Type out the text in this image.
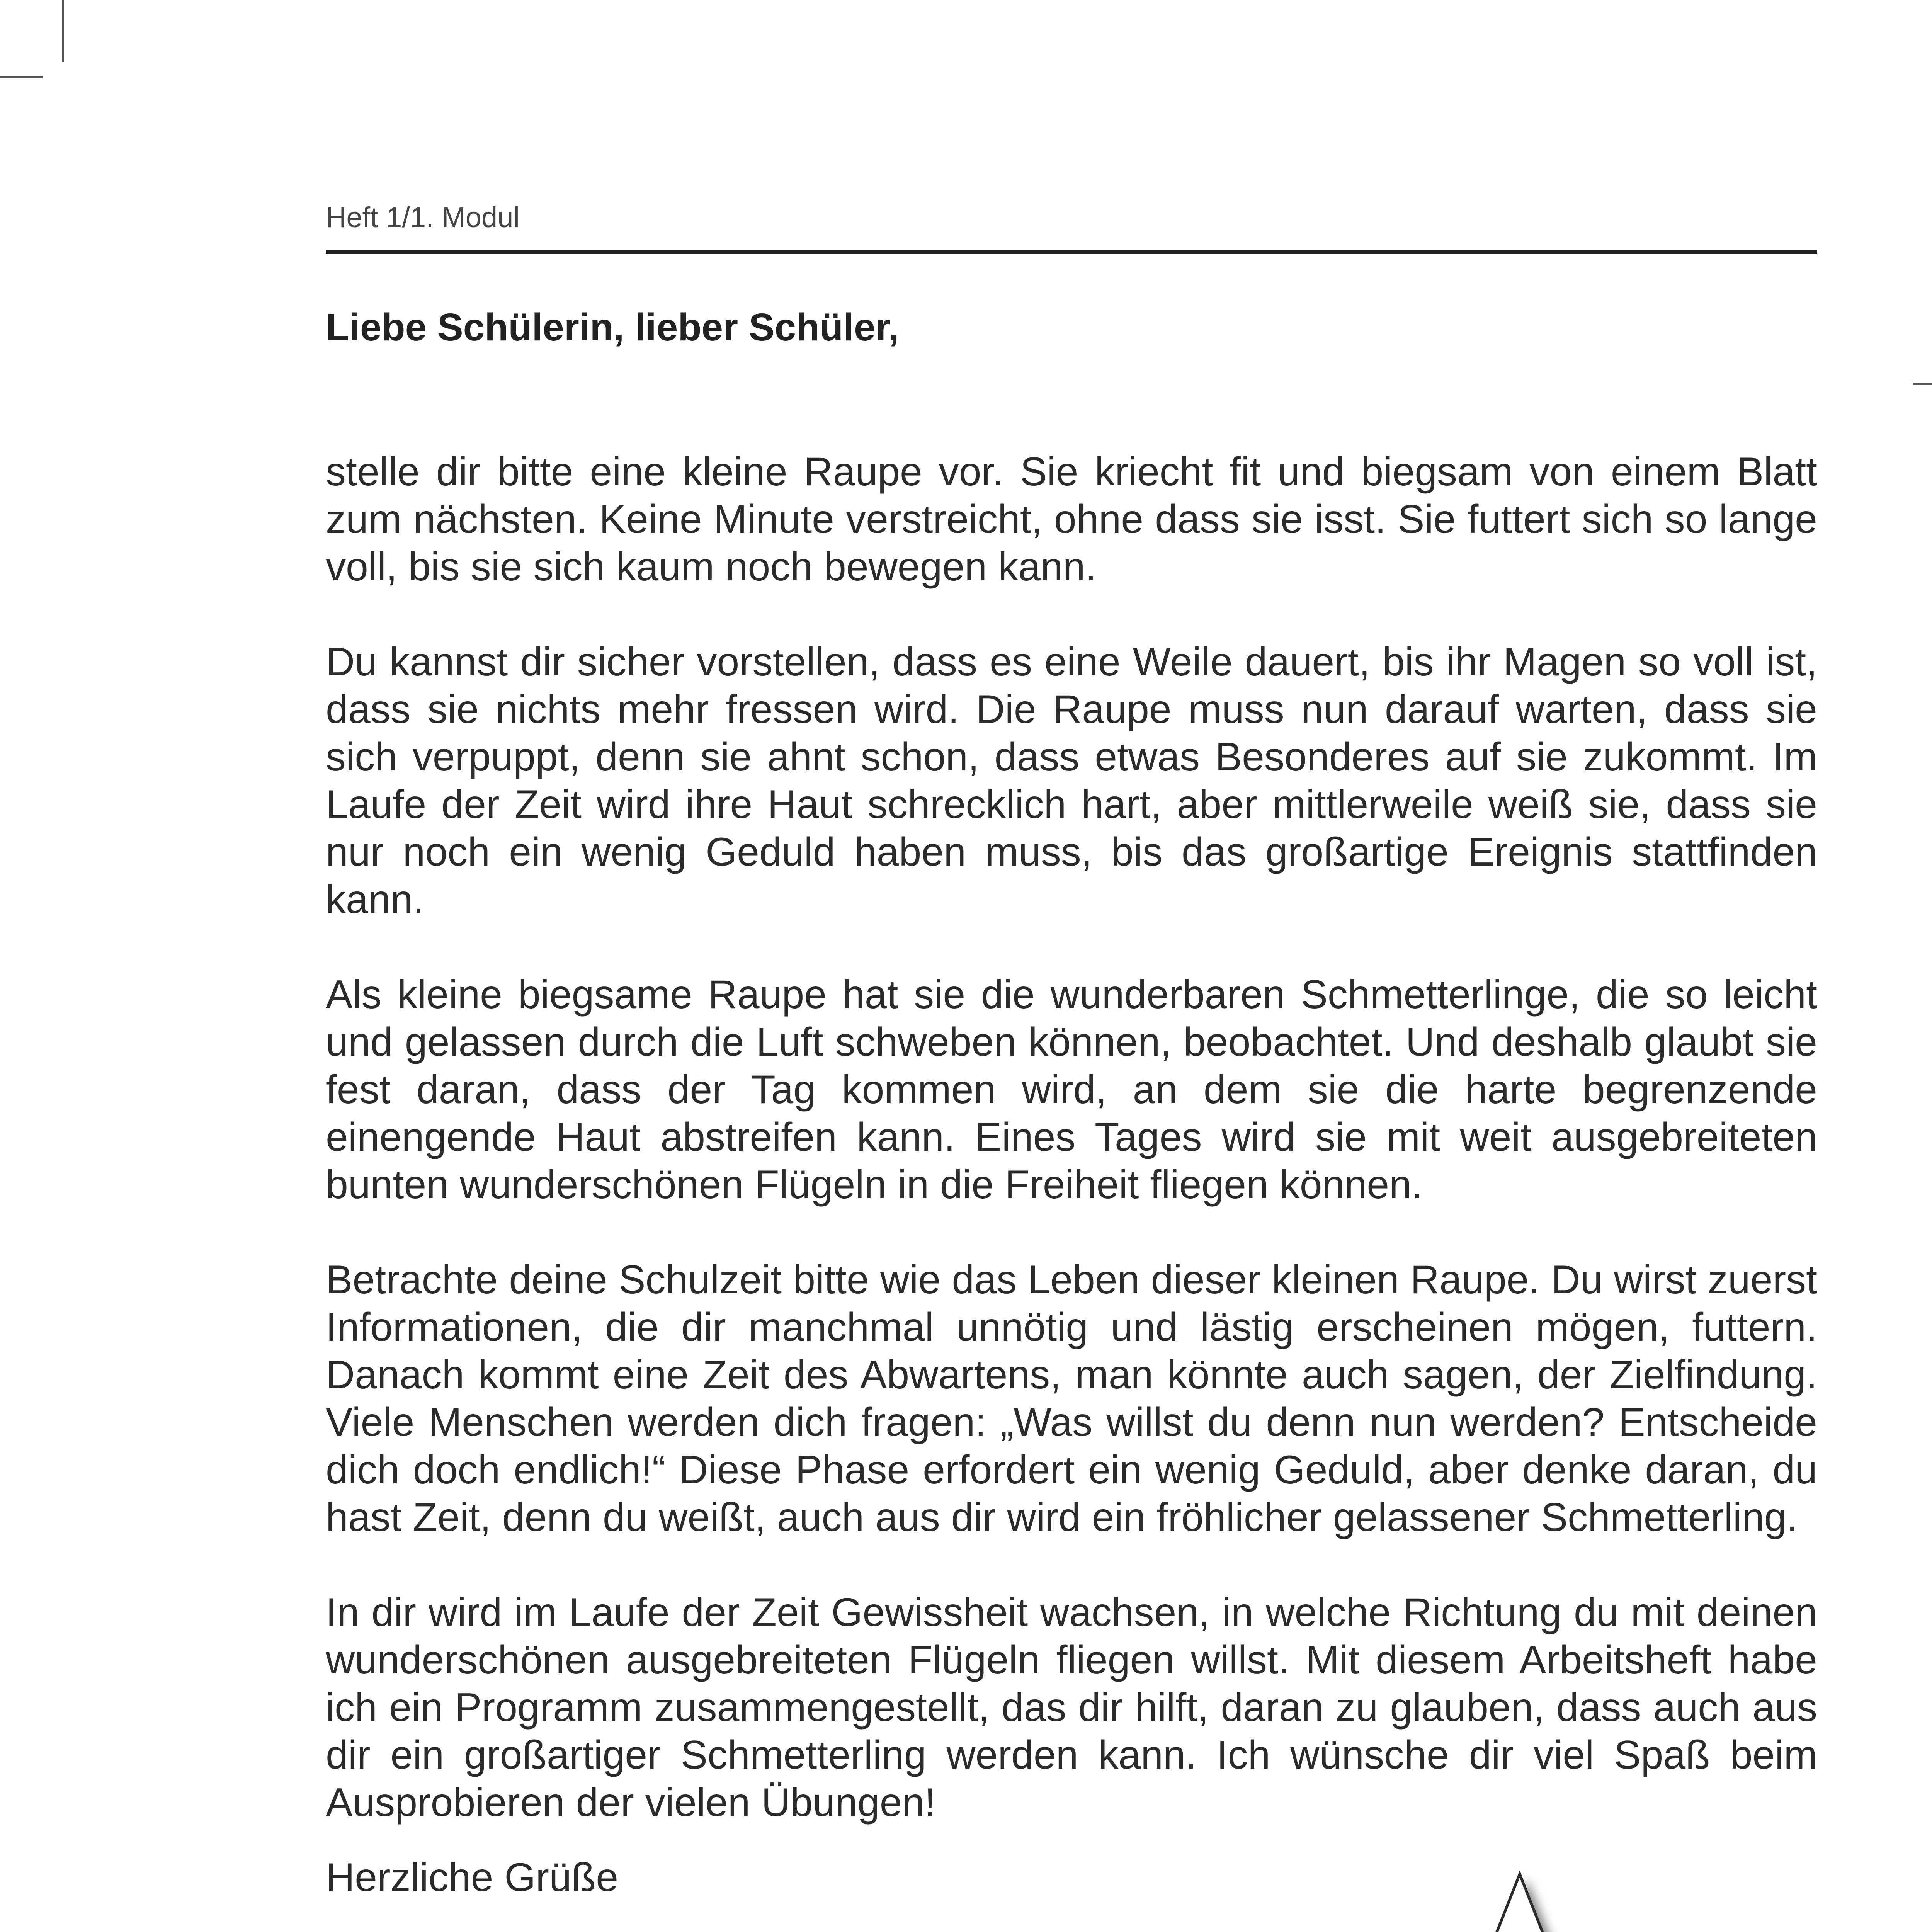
Heft 1/1. Modul
Liebe Schülerin, lieber Schüler,

stelle dir bitte eine kleine Raupe vor. Sie kriecht fit und biegsam von einem Blatt zum nächsten. Keine Minute verstreicht, ohne dass sie isst. Sie futtert sich so lange voll, bis sie sich kaum noch bewegen kann.

Du kannst dir sicher vorstellen, dass es eine Weile dauert, bis ihr Magen so voll ist, dass sie nichts mehr fressen wird. Die Raupe muss nun darauf warten, dass sie sich verpuppt, denn sie ahnt schon, dass etwas Besonderes auf sie zukommt. Im Laufe der Zeit wird ihre Haut schrecklich hart, aber mittlerweile weiß sie, dass sie nur noch ein wenig Geduld haben muss, bis das großartige Ereignis stattfinden kann.

Als kleine biegsame Raupe hat sie die wunderbaren Schmetterlinge, die so leicht und gelassen durch die Luft schweben können, beobachtet. Und deshalb glaubt sie fest daran, dass der Tag kommen wird, an dem sie die harte begrenzende einengende Haut abstreifen kann. Eines Tages wird sie mit weit ausgebreiteten bunten wunderschönen Flügeln in die Freiheit fliegen können.

Betrachte deine Schulzeit bitte wie das Leben dieser kleinen Raupe. Du wirst zuerst Informationen, die dir manchmal unnötig und lästig erscheinen mögen, futtern. Danach kommt eine Zeit des Abwartens, man könnte auch sagen, der Zielfindung. Viele Menschen werden dich fragen: „Was willst du denn nun werden? Entscheide dich doch endlich!“ Diese Phase erfordert ein wenig Geduld, aber denke daran, du hast Zeit, denn du weißt, auch aus dir wird ein fröhlicher gelassener Schmetterling.

In dir wird im Laufe der Zeit Gewissheit wachsen, in welche Richtung du mit deinen wunderschönen ausgebreiteten Flügeln fliegen willst. Mit diesem Arbeitsheft habe ich ein Programm zusammengestellt, das dir hilft, daran zu glauben, dass auch aus dir ein großartiger Schmetterling werden kann. Ich wünsche dir viel Spaß beim Ausprobieren der vielen Übungen!

Herzliche Grüße
